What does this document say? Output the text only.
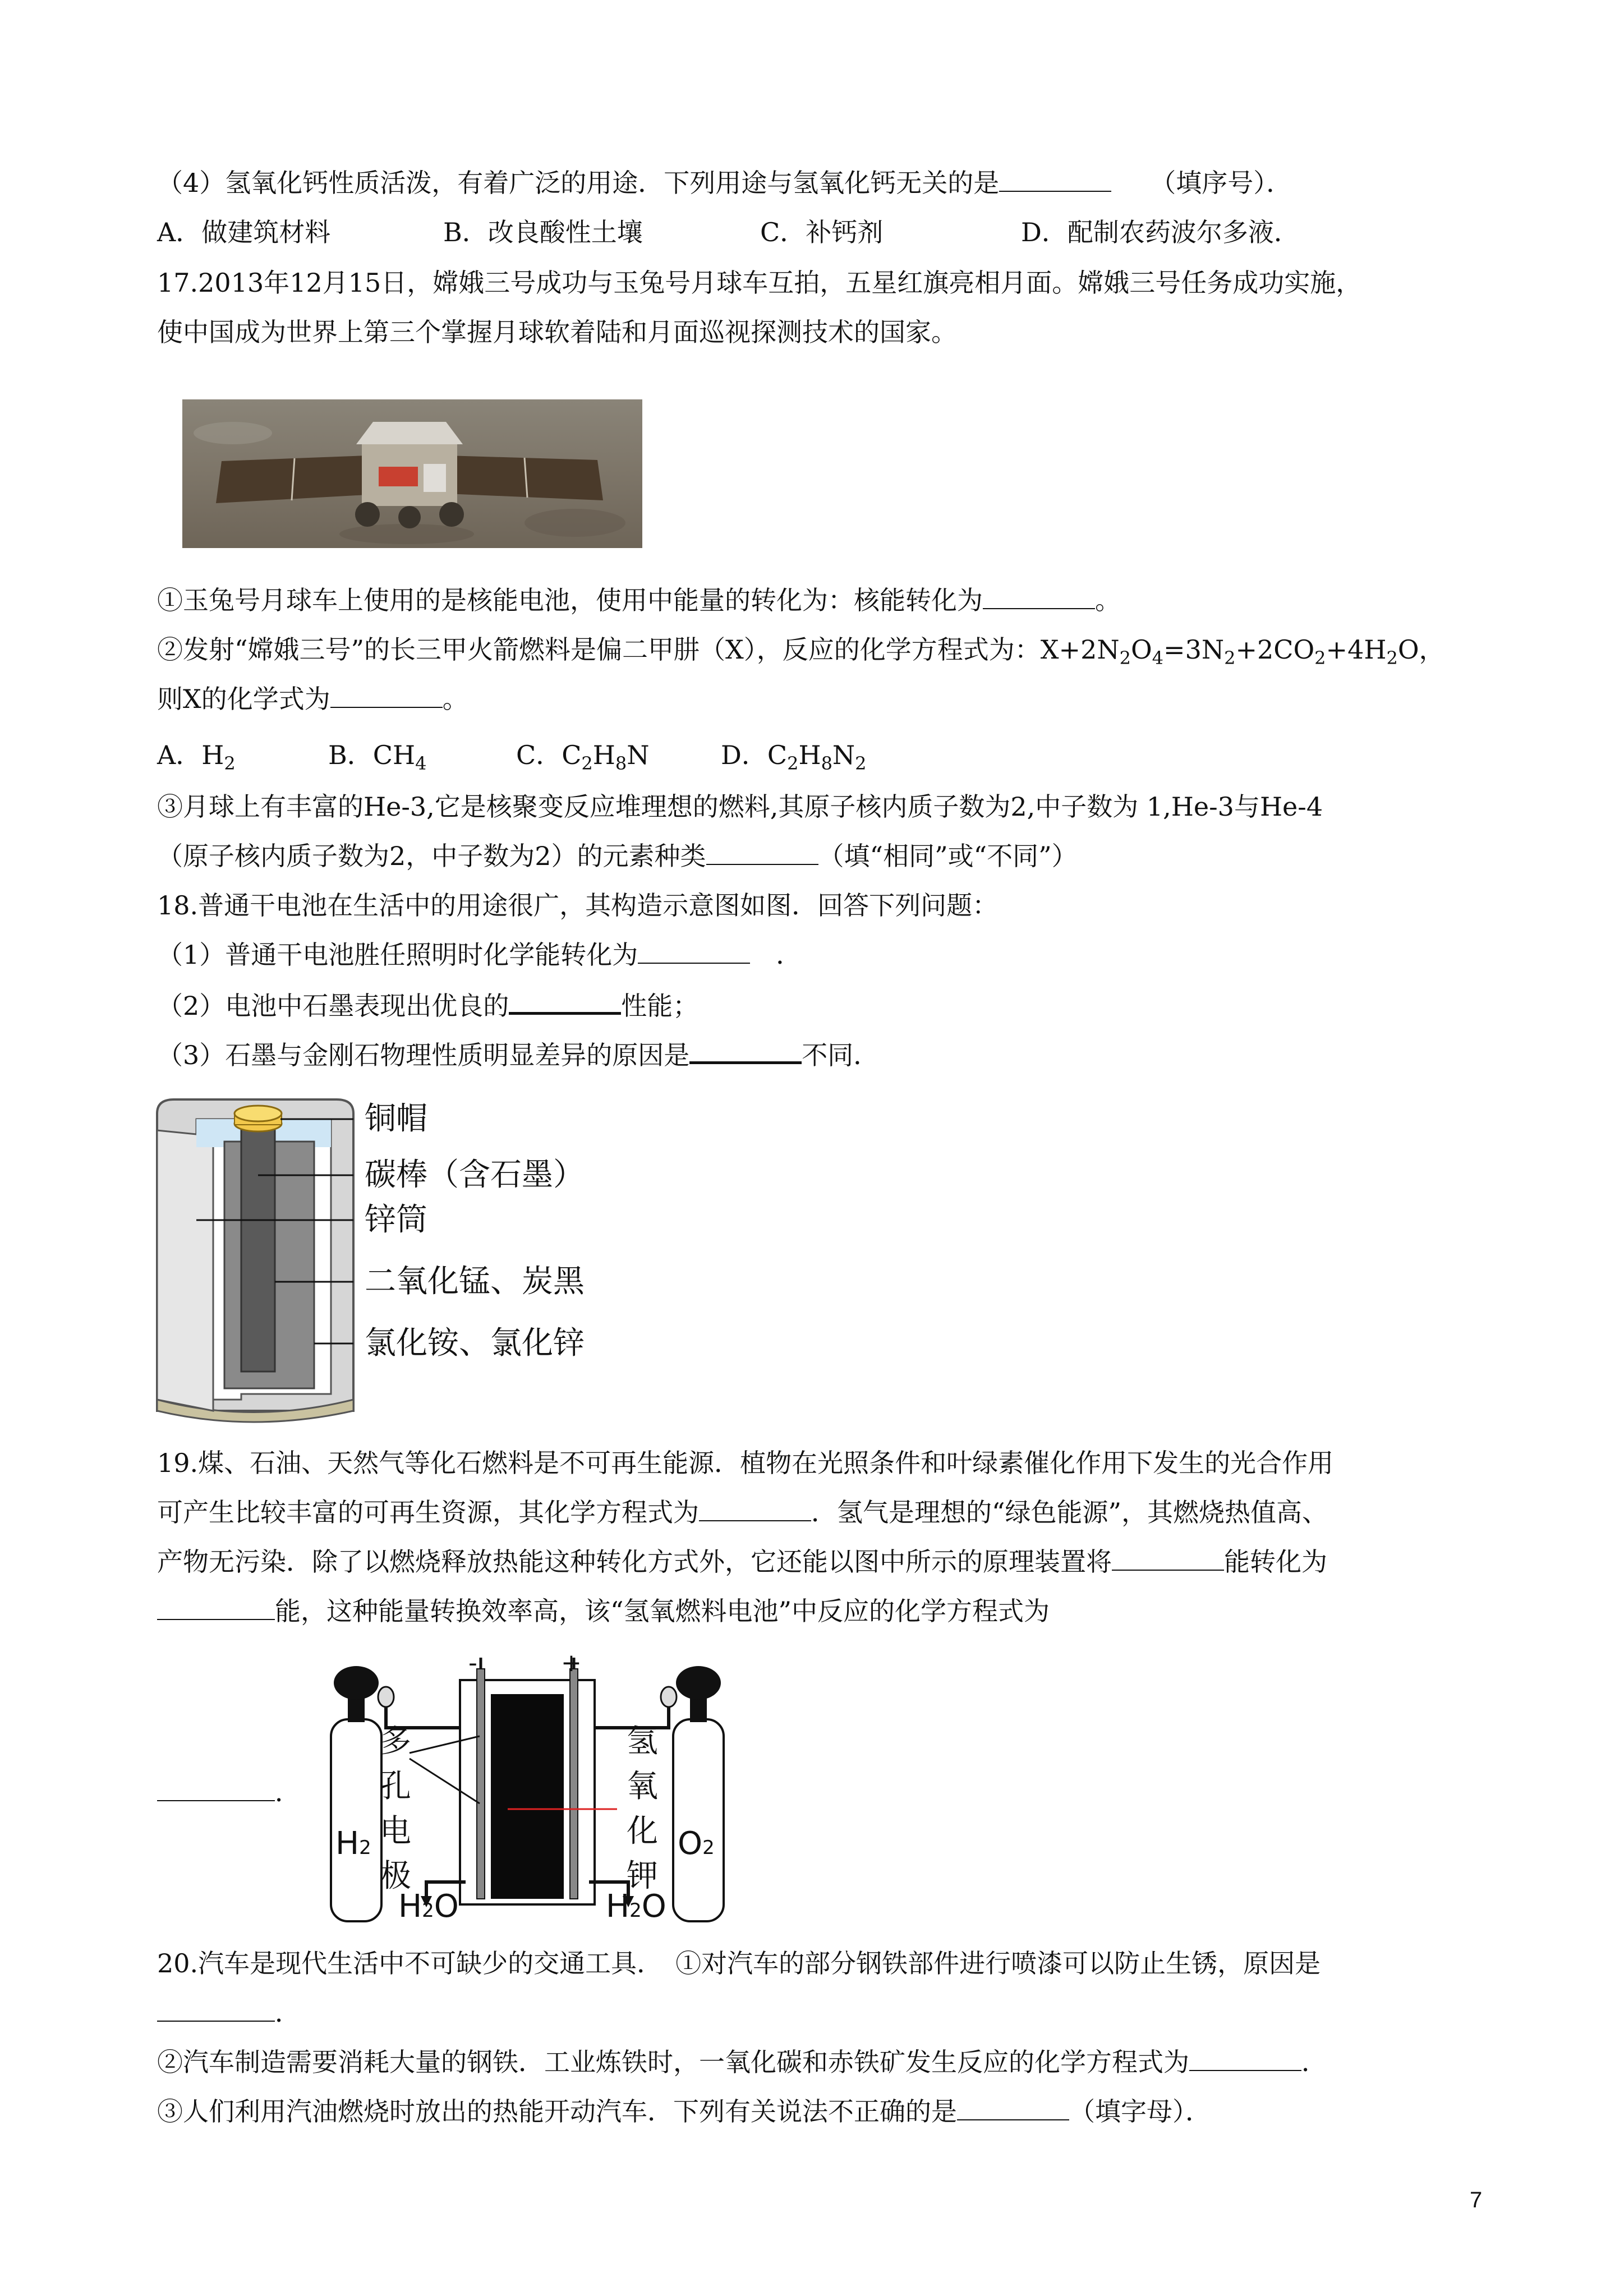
（4）氢氧化钙性质活泼，有着广泛的用途．下列用途与氢氧化钙无关的是　　	（填序号）．
A．做建筑材料	B．改良酸性土壤	C．补钙剂	D．配制农药波尔多液．
17.2013年12月15日，嫦娥三号成功与玉兔号月球车互拍，五星红旗亮相月面。嫦娥三号任务成功实施，
使中国成为世界上第三个掌握月球软着陆和月面巡视探测技术的国家。
①玉兔号月球车上使用的是核能电池，使用中能量的转化为：核能转化为	。
②发射“嫦娥三号”的长三甲火箭燃料是偏二甲肼（X），反应的化学方程式为：$X+2N_2O_4=3N_2+2CO_2+4H_2O$，
则X的化学式为	。
A．$H_2$	B．$CH_4$	C．$C_2H_8N$	D．$C_2H_8N_2$
③月球上有丰富的He-3,它是核聚变反应堆理想的燃料,其原子核内质子数为2,中子数为 1,He-3与He-4
（原子核内质子数为2，中子数为2）的元素种类	（填“相同”或“不同”）
18.普通干电池在生活中的用途很广，其构造示意图如图．回答下列问题：
（1）普通干电池胜任照明时化学能转化为　	．
（2）电池中石墨表现出优良的	性能；
（3）石墨与金刚石物理性质明显差异的原因是	不同．
铜帽
碳棒（含石墨）
锌筒
二氧化锰、炭黑
氯化铵、氯化锌
19.煤、石油、天然气等化石燃料是不可再生能源．植物在光照条件和叶绿素催化作用下发生的光合作用
可产生比较丰富的可再生资源，其化学方程式为	．氢气是理想的“绿色能源”，其燃烧热值高、
产物无污染．除了以燃烧释放热能这种转化方式外，它还能以图中所示的原理装置将	能转化为
能，这种能量转换效率高，该“氢氧燃料电池”中反应的化学方程式为
-	+
多
孔
电
极
氢
氧
化
钾
H2	O2
H2O	H2O
．
20.汽车是现代生活中不可缺少的交通工具．　①对汽车的部分钢铁部件进行喷漆可以防止生锈，原因是
．
②汽车制造需要消耗大量的钢铁．工业炼铁时，一氧化碳和赤铁矿发生反应的化学方程式为	．
③人们利用汽油燃烧时放出的热能开动汽车．下列有关说法不正确的是	（填字母）．
7
